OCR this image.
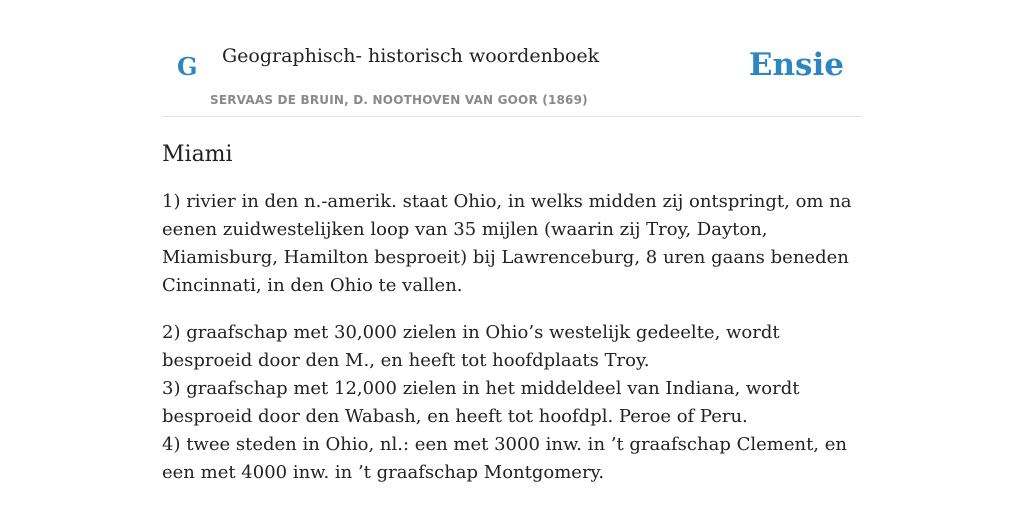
G Geographisch- historisch woordenboek
SERVAAS DE BRUIN, D. NOOTHOVEN VAN GOOR (1869)
Ensie
Miami

1) rivier in den n.-amerik. staat Ohio, in welks midden zij ontspringt, om na eenen zuidwestelijken loop van 35 mijlen (waarin zij Troy, Dayton, Miamisburg, Hamilton besproeit) bij Lawrenceburg, 8 uren gaans beneden Cincinnati, in den Ohio te vallen.

2) graafschap met 30,000 zielen in Ohio’s westelijk gedeelte, wordt besproeid door den M., en heeft tot hoofdplaats Troy.
3) graafschap met 12,000 zielen in het middeldeel van Indiana, wordt besproeid door den Wabash, en heeft tot hoofdpl. Peroe of Peru.
4) twee steden in Ohio, nl.: een met 3000 inw. in ’t graafschap Clement, en een met 4000 inw. in ’t graafschap Montgomery.
